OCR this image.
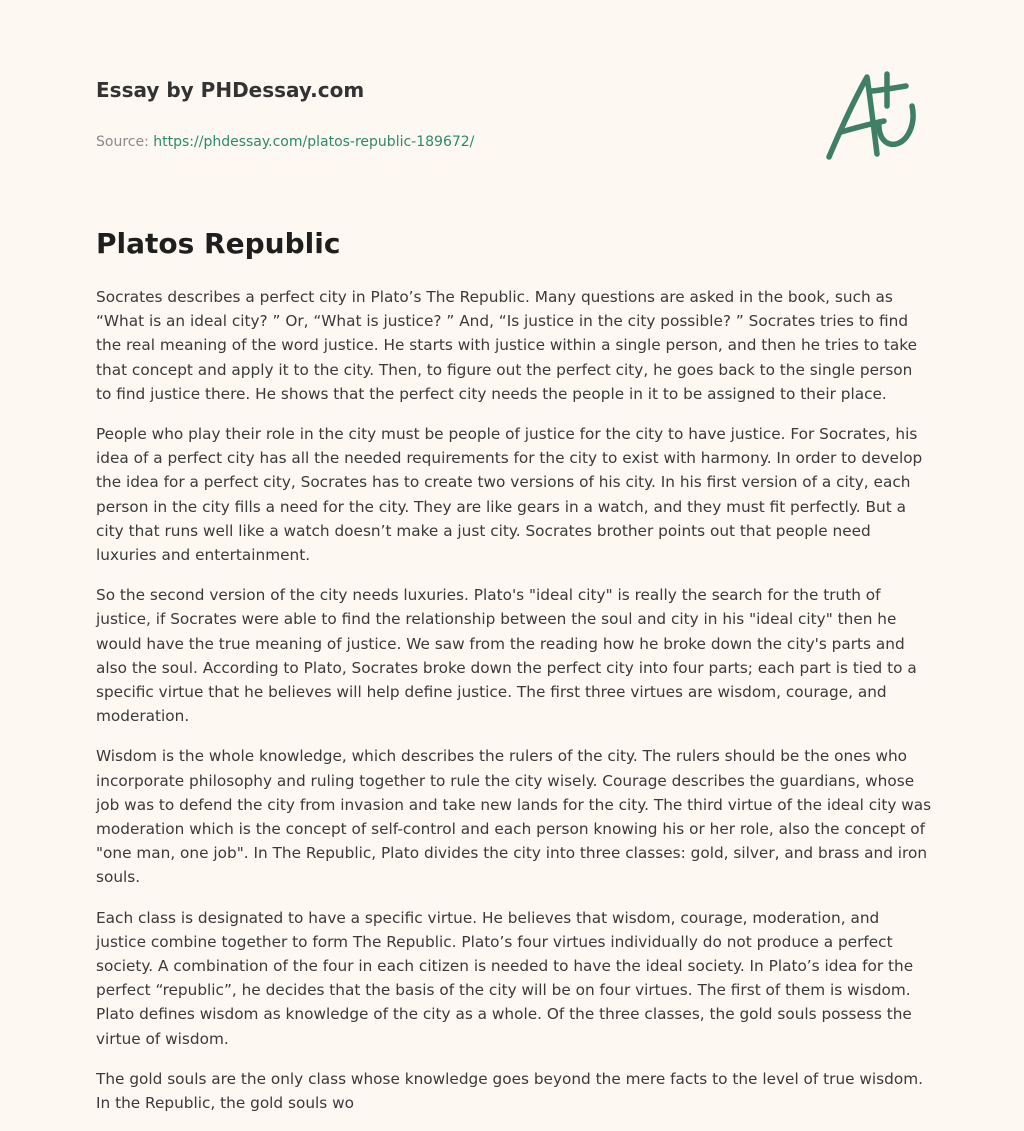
Essay by PHDessay.com
Source: https://phdessay.com/platos-republic-189672/
Platos Republic

Socrates describes a perfect city in Plato’s The Republic. Many questions are asked in the book, such as “What is an ideal city? ” Or, “What is justice? ” And, “Is justice in the city possible? ” Socrates tries to find the real meaning of the word justice. He starts with justice within a single person, and then he tries to take that concept and apply it to the city. Then, to figure out the perfect city, he goes back to the single person to find justice there. He shows that the perfect city needs the people in it to be assigned to their place.

People who play their role in the city must be people of justice for the city to have justice. For Socrates, his idea of a perfect city has all the needed requirements for the city to exist with harmony. In order to develop the idea for a perfect city, Socrates has to create two versions of his city. In his first version of a city, each person in the city fills a need for the city. They are like gears in a watch, and they must fit perfectly. But a city that runs well like a watch doesn’t make a just city. Socrates brother points out that people need luxuries and entertainment.

So the second version of the city needs luxuries. Plato's "ideal city" is really the search for the truth of justice, if Socrates were able to find the relationship between the soul and city in his "ideal city" then he would have the true meaning of justice. We saw from the reading how he broke down the city's parts and also the soul. According to Plato, Socrates broke down the perfect city into four parts; each part is tied to a specific virtue that he believes will help define justice. The first three virtues are wisdom, courage, and moderation.

Wisdom is the whole knowledge, which describes the rulers of the city. The rulers should be the ones who incorporate philosophy and ruling together to rule the city wisely. Courage describes the guardians, whose job was to defend the city from invasion and take new lands for the city. The third virtue of the ideal city was moderation which is the concept of self-control and each person knowing his or her role, also the concept of "one man, one job". In The Republic, Plato divides the city into three classes: gold, silver, and brass and iron souls.

Each class is designated to have a specific virtue. He believes that wisdom, courage, moderation, and justice combine together to form The Republic. Plato’s four virtues individually do not produce a perfect society. A combination of the four in each citizen is needed to have the ideal society. In Plato’s idea for the perfect “republic”, he decides that the basis of the city will be on four virtues. The first of them is wisdom. Plato defines wisdom as knowledge of the city as a whole. Of the three classes, the gold souls possess the virtue of wisdom.

The gold souls are the only class whose knowledge goes beyond the mere facts to the level of true wisdom. In the Republic, the gold souls wo
